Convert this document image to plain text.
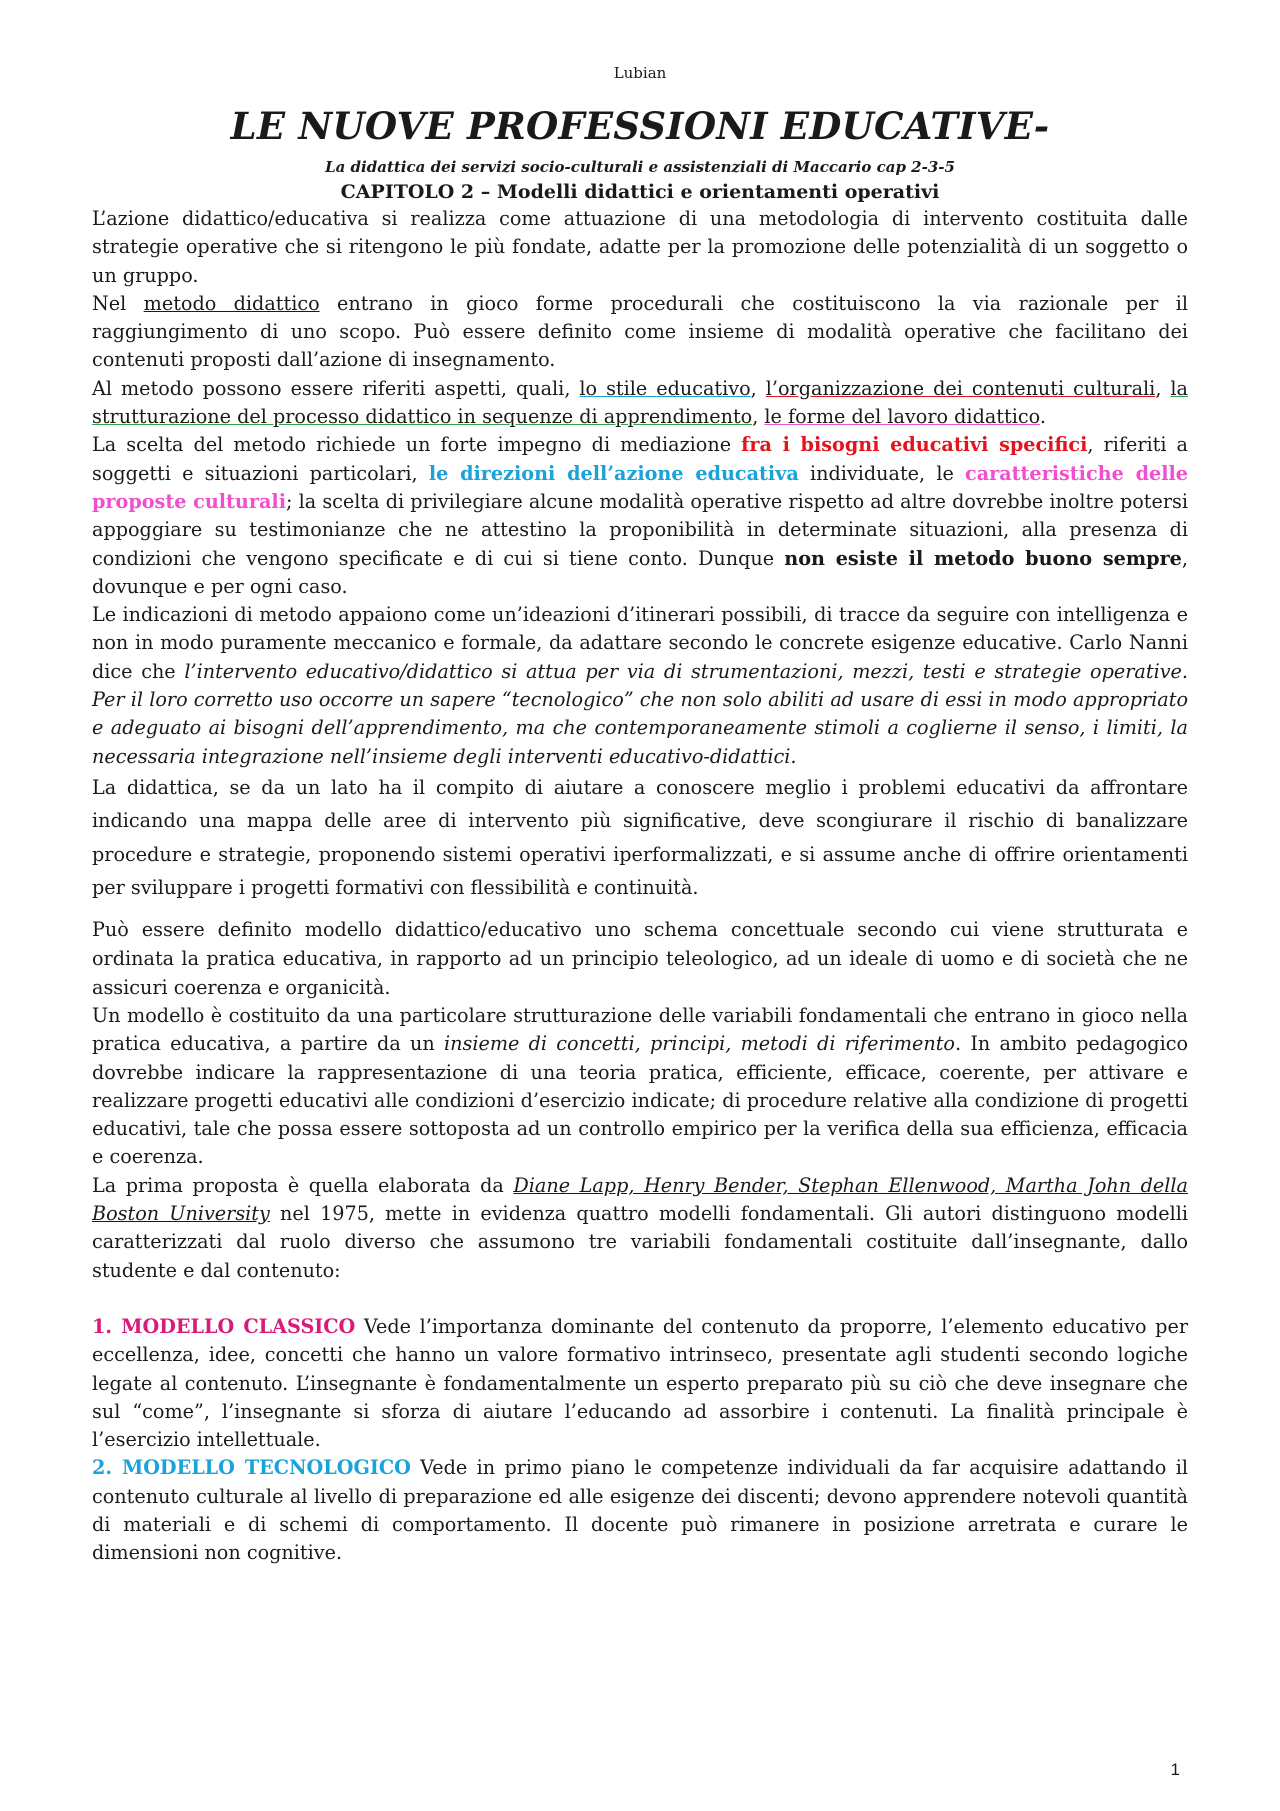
Lubian
LE NUOVE PROFESSIONI EDUCATIVE-
La didattica dei servizi socio-culturali e assistenziali di Maccario cap 2-3-5
CAPITOLO 2 – Modelli didattici e orientamenti operativi

L’azione didattico/educativa si realizza come attuazione di una metodologia di intervento costituita dalle strategie operative che si ritengono le più fondate, adatte per la promozione delle potenzialità di un soggetto o un gruppo.

Nel metodo didattico entrano in gioco forme procedurali che costituiscono la via razionale per il raggiungimento di uno scopo. Può essere definito come insieme di modalità operative che facilitano dei contenuti proposti dall’azione di insegnamento.

Al metodo possono essere riferiti aspetti, quali, lo stile educativo, l’organizzazione dei contenuti culturali, la strutturazione del processo didattico in sequenze di apprendimento, le forme del lavoro didattico.

La scelta del metodo richiede un forte impegno di mediazione fra i bisogni educativi specifici, riferiti a soggetti e situazioni particolari, le direzioni dell’azione educativa individuate, le caratteristiche delle proposte culturali; la scelta di privilegiare alcune modalità operative rispetto ad altre dovrebbe inoltre potersi appoggiare su testimonianze che ne attestino la proponibilità in determinate situazioni, alla presenza di condizioni che vengono specificate e di cui si tiene conto. Dunque non esiste il metodo buono sempre, dovunque e per ogni caso.

Le indicazioni di metodo appaiono come un’ideazioni d’itinerari possibili, di tracce da seguire con intelligenza e non in modo puramente meccanico e formale, da adattare secondo le concrete esigenze educative. Carlo Nanni dice che l’intervento educativo/didattico si attua per via di strumentazioni, mezzi, testi e strategie operative. Per il loro corretto uso occorre un sapere “tecnologico” che non solo abiliti ad usare di essi in modo appropriato e adeguato ai bisogni dell’apprendimento, ma che contemporaneamente stimoli a coglierne il senso, i limiti, la necessaria integrazione nell’insieme degli interventi educativo-didattici.

La didattica, se da un lato ha il compito di aiutare a conoscere meglio i problemi educativi da affrontare indicando una mappa delle aree di intervento più significative, deve scongiurare il rischio di banalizzare procedure e strategie, proponendo sistemi operativi iperformalizzati, e si assume anche di offrire orientamenti per sviluppare i progetti formativi con flessibilità e continuità.

Può essere definito modello didattico/educativo uno schema concettuale secondo cui viene strutturata e ordinata la pratica educativa, in rapporto ad un principio teleologico, ad un ideale di uomo e di società che ne assicuri coerenza e organicità.

Un modello è costituito da una particolare strutturazione delle variabili fondamentali che entrano in gioco nella pratica educativa, a partire da un insieme di concetti, principi, metodi di riferimento. In ambito pedagogico dovrebbe indicare la rappresentazione di una teoria pratica, efficiente, efficace, coerente, per attivare e realizzare progetti educativi alle condizioni d’esercizio indicate; di procedure relative alla condizione di progetti educativi, tale che possa essere sottoposta ad un controllo empirico per la verifica della sua efficienza, efficacia e coerenza.

La prima proposta è quella elaborata da Diane Lapp, Henry Bender, Stephan Ellenwood, Martha John della Boston University nel 1975, mette in evidenza quattro modelli fondamentali. Gli autori distinguono modelli caratterizzati dal ruolo diverso che assumono tre variabili fondamentali costituite dall’insegnante, dallo studente e dal contenuto:

1. MODELLO CLASSICO Vede l’importanza dominante del contenuto da proporre, l’elemento educativo per eccellenza, idee, concetti che hanno un valore formativo intrinseco, presentate agli studenti secondo logiche legate al contenuto. L’insegnante è fondamentalmente un esperto preparato più su ciò che deve insegnare che sul “come”, l’insegnante si sforza di aiutare l’educando ad assorbire i contenuti. La finalità principale è l’esercizio intellettuale.

2. MODELLO TECNOLOGICO Vede in primo piano le competenze individuali da far acquisire adattando il contenuto culturale al livello di preparazione ed alle esigenze dei discenti; devono apprendere notevoli quantità di materiali e di schemi di comportamento. Il docente può rimanere in posizione arretrata e curare le dimensioni non cognitive.

1
